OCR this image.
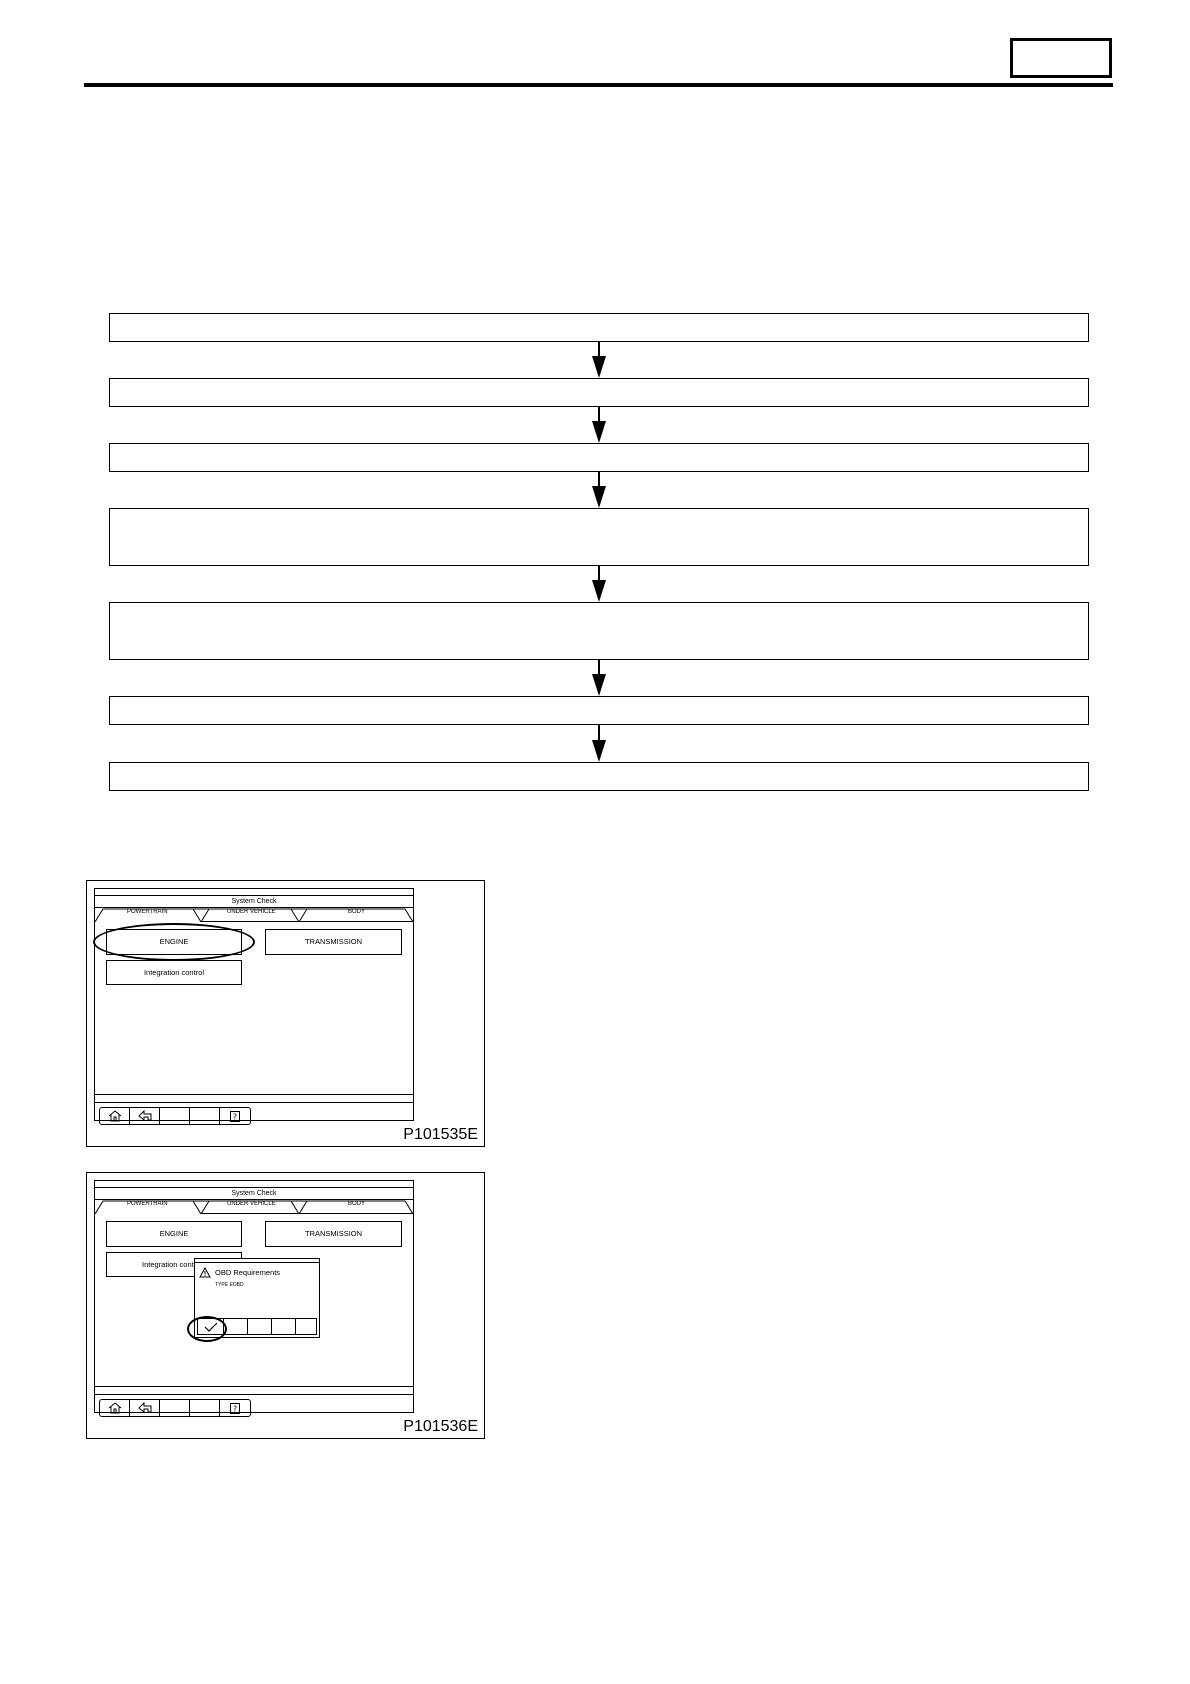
System Check
POWERTRAIN	UNDER VEHICLE	BODY
ENGINE	TRANSMISSION
Integration control
?
P101535E
System Check
POWERTRAIN	UNDER VEHICLE	BODY
ENGINE	TRANSMISSION
Integration cont
OBD Requirements
TYPE EOBD
?
P101536E
